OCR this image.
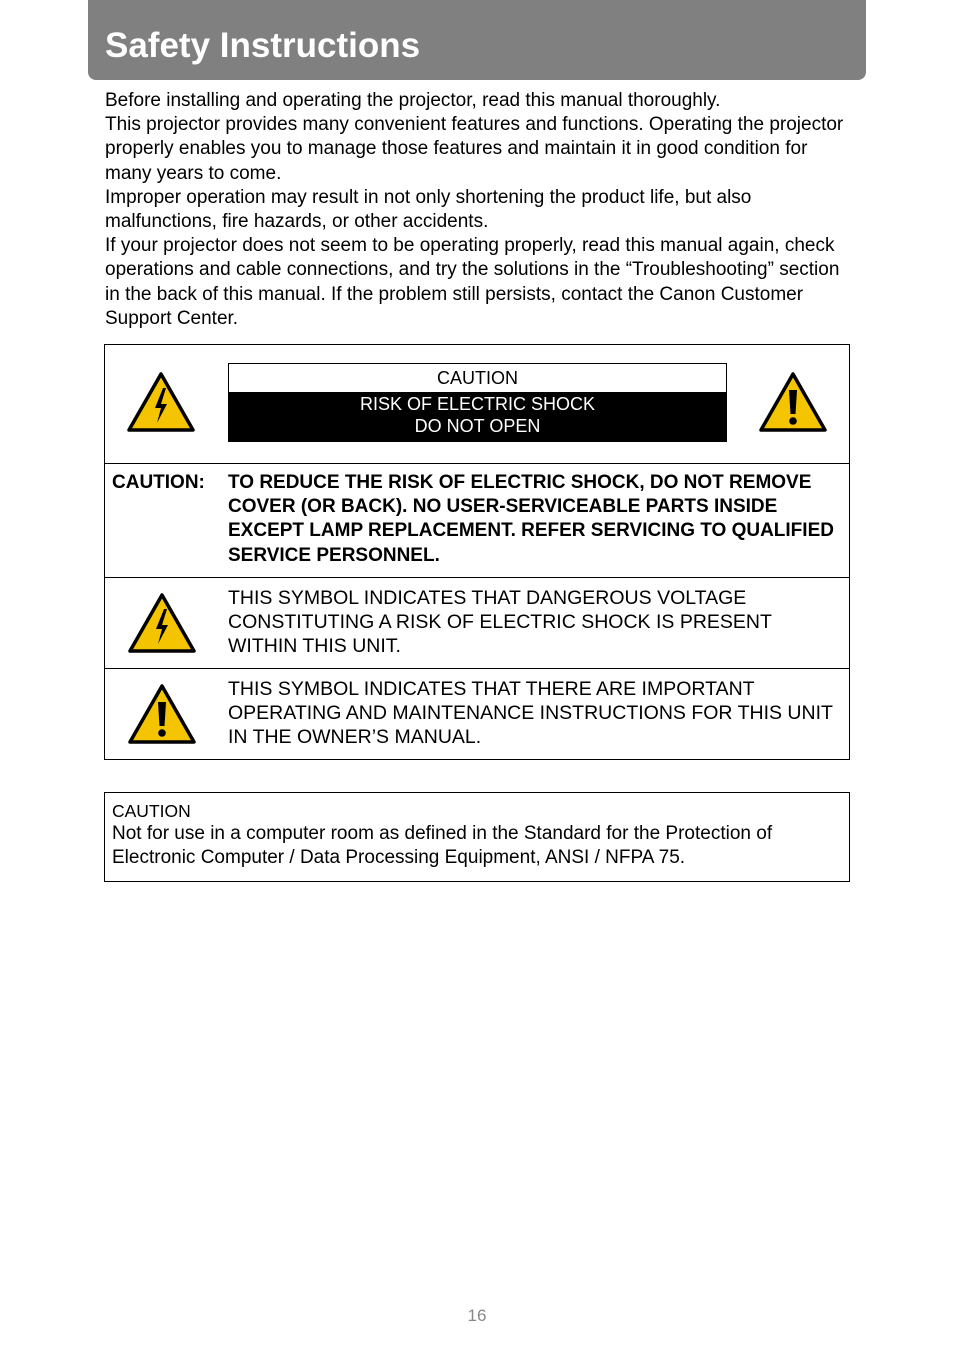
Safety Instructions

Before installing and operating the projector, read this manual thoroughly.

This projector provides many convenient features and functions. Operating the projector properly enables you to manage those features and maintain it in good condition for many years to come.

Improper operation may result in not only shortening the product life, but also malfunctions, fire hazards, or other accidents.

If your projector does not seem to be operating properly, read this manual again, check operations and cable connections, and try the solutions in the “Troubleshooting” section in the back of this manual. If the problem still persists, contact the Canon Customer Support Center.

CAUTION
RISK OF ELECTRIC SHOCK
DO NOT OPEN
CAUTION: TO REDUCE THE RISK OF ELECTRIC SHOCK, DO NOT REMOVE COVER (OR BACK). NO USER-SERVICEABLE PARTS INSIDE EXCEPT LAMP REPLACEMENT. REFER SERVICING TO QUALIFIED SERVICE PERSONNEL.
THIS SYMBOL INDICATES THAT DANGEROUS VOLTAGE CONSTITUTING A RISK OF ELECTRIC SHOCK IS PRESENT WITHIN THIS UNIT.
THIS SYMBOL INDICATES THAT THERE ARE IMPORTANT OPERATING AND MAINTENANCE INSTRUCTIONS FOR THIS UNIT IN THE OWNER’S MANUAL.
CAUTION
Not for use in a computer room as defined in the Standard for the Protection of Electronic Computer / Data Processing Equipment, ANSI / NFPA 75.
16
